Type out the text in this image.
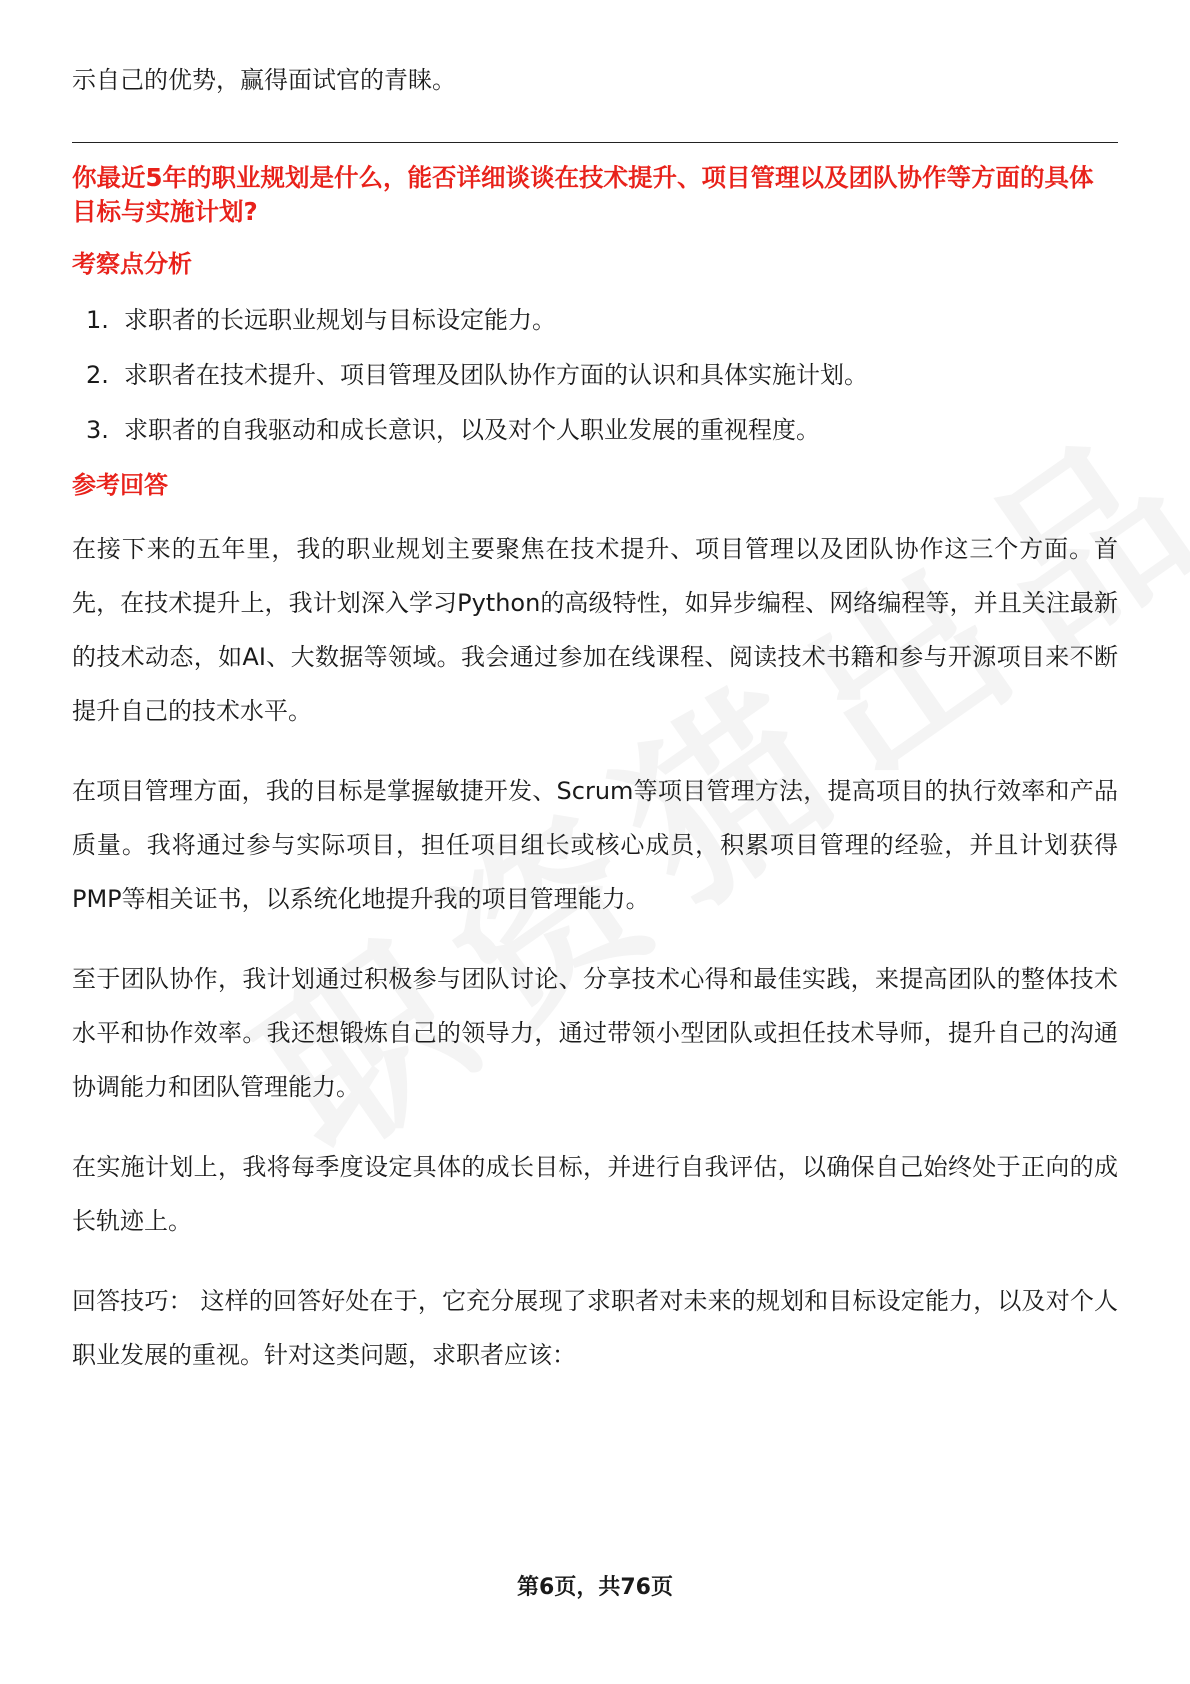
示自己的优势，赢得面试官的青睐。

你最近5年的职业规划是什么，能否详细谈谈在技术提升、项目管理以及团队协作等方面的具体目标与实施计划?

考察点分析

1. 求职者的长远职业规划与目标设定能力。
2. 求职者在技术提升、项目管理及团队协作方面的认识和具体实施计划。
3. 求职者的自我驱动和成长意识，以及对个人职业发展的重视程度。

参考回答

在接下来的五年里，我的职业规划主要聚焦在技术提升、项目管理以及团队协作这三个方面。首先，在技术提升上，我计划深入学习Python的高级特性，如异步编程、网络编程等，并且关注最新的技术动态，如AI、大数据等领域。我会通过参加在线课程、阅读技术书籍和参与开源项目来不断提升自己的技术水平。

在项目管理方面，我的目标是掌握敏捷开发、Scrum等项目管理方法，提高项目的执行效率和产品质量。我将通过参与实际项目，担任项目组长或核心成员，积累项目管理的经验，并且计划获得PMP等相关证书，以系统化地提升我的项目管理能力。

至于团队协作，我计划通过积极参与团队讨论、分享技术心得和最佳实践，来提高团队的整体技术水平和协作效率。我还想锻炼自己的领导力，通过带领小型团队或担任技术导师，提升自己的沟通协调能力和团队管理能力。

在实施计划上，我将每季度设定具体的成长目标，并进行自我评估，以确保自己始终处于正向的成长轨迹上。

回答技巧： 这样的回答好处在于，它充分展现了求职者对未来的规划和目标设定能力，以及对个人职业发展的重视。针对这类问题，求职者应该：

第6页，共76页
